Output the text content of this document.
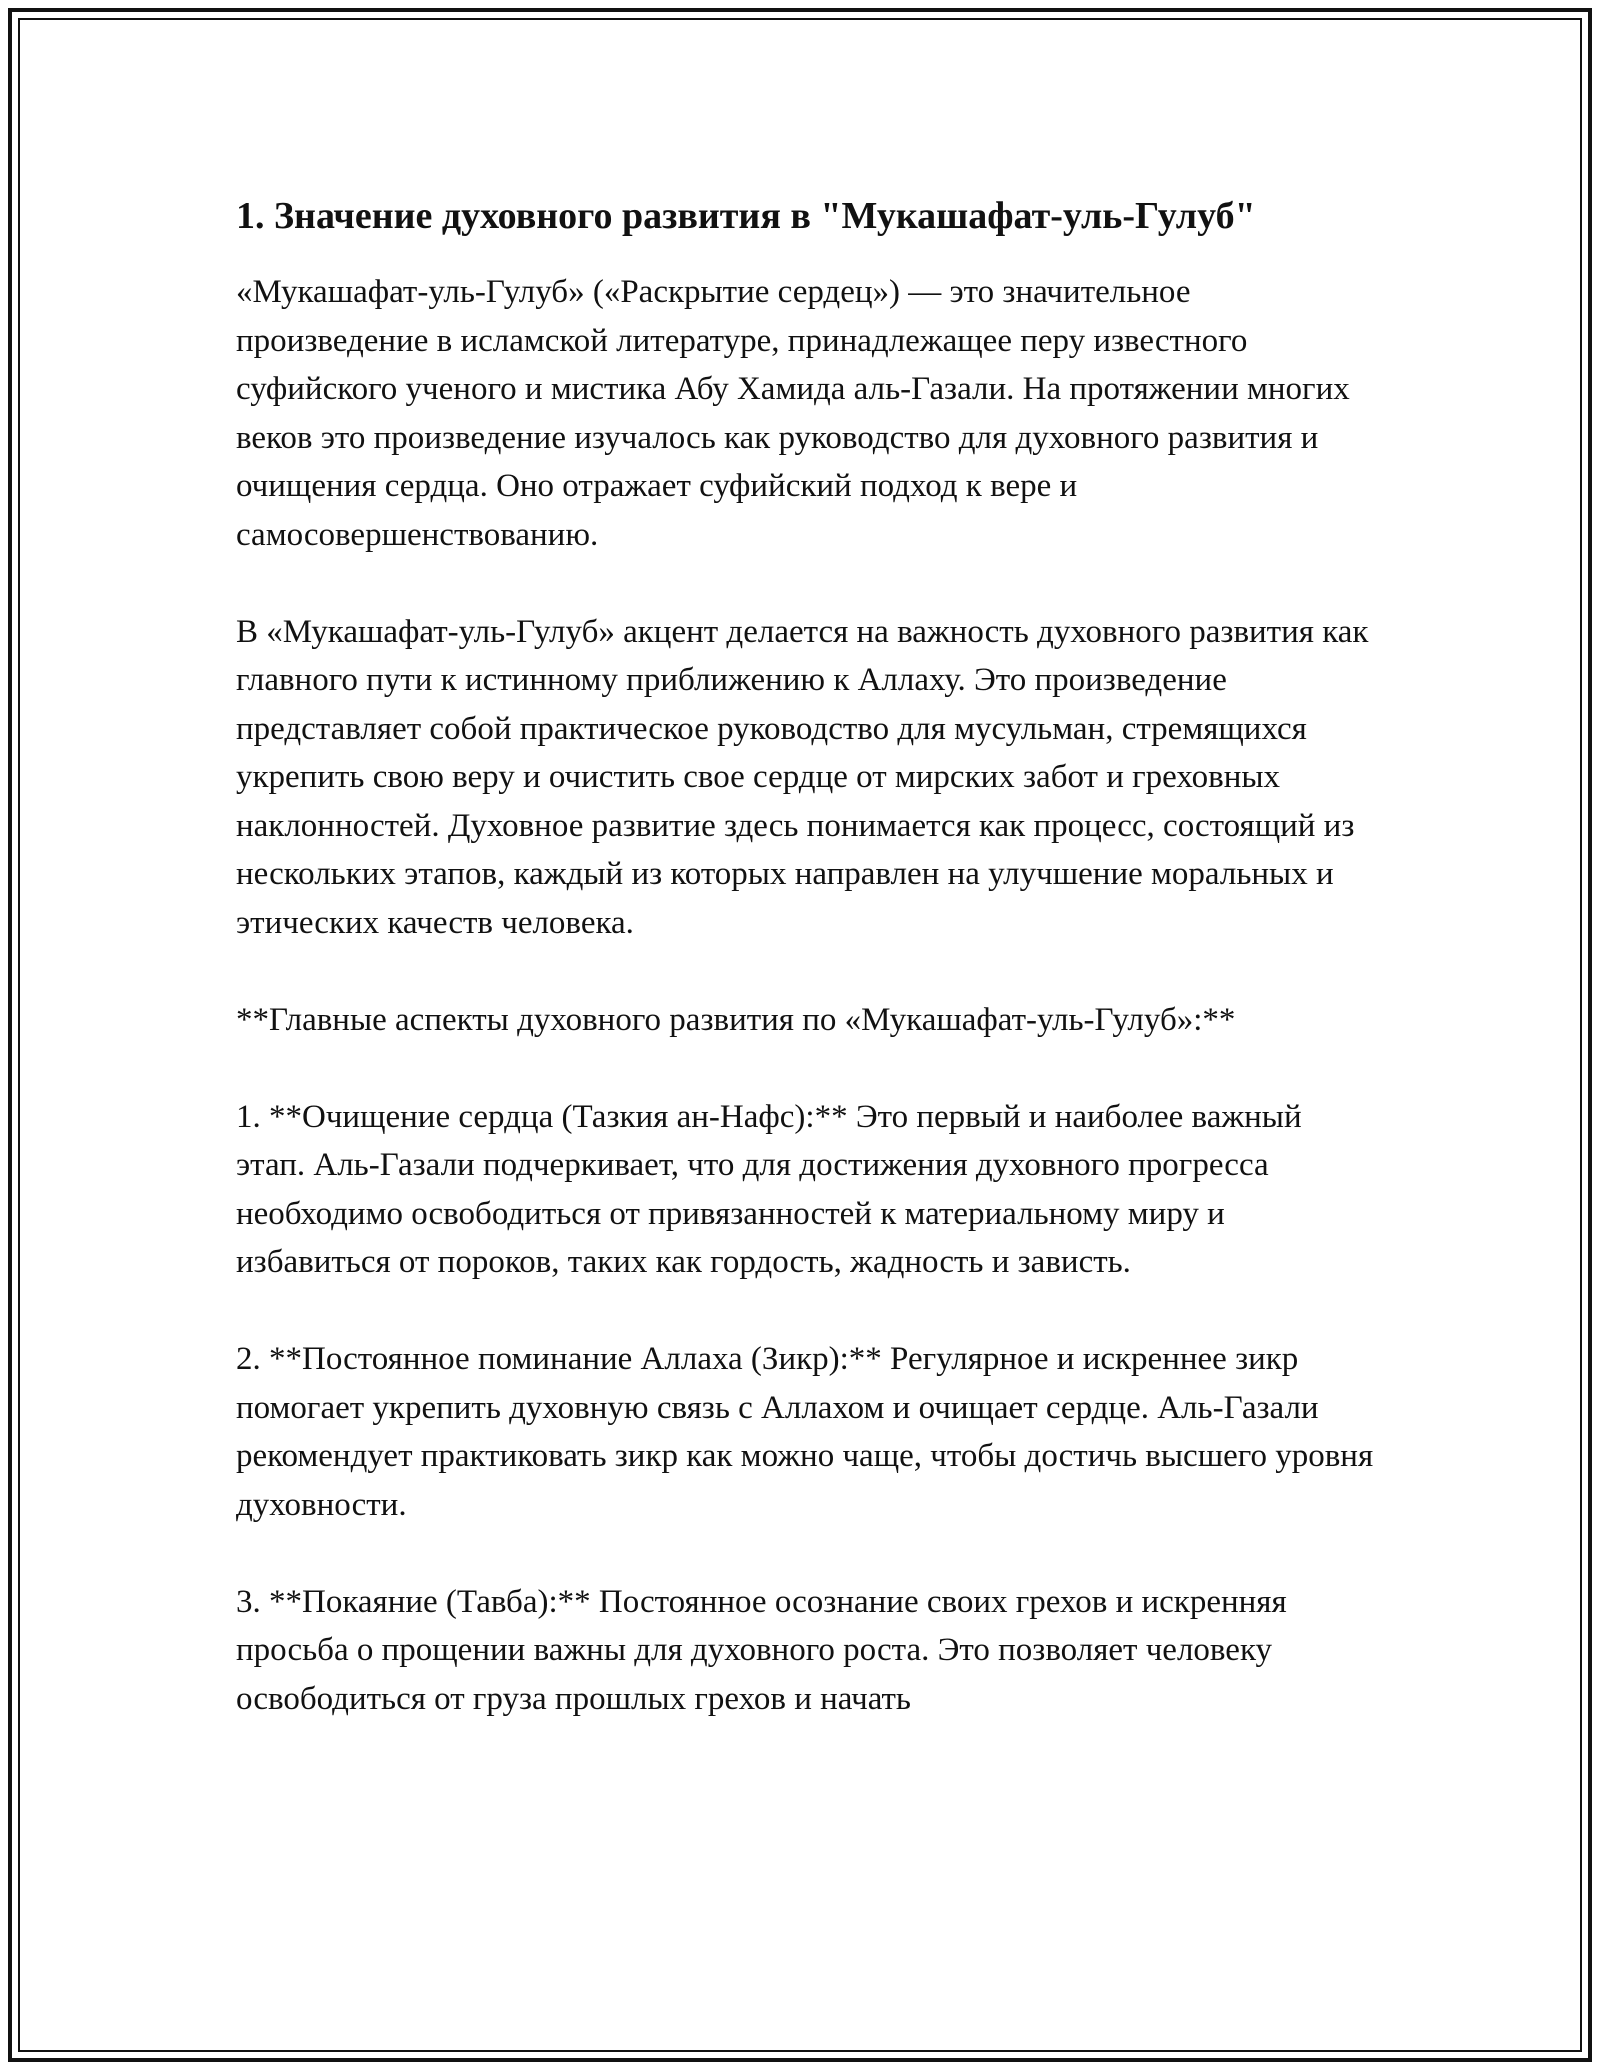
1. Значение духовного развития в "Мукашафат-уль-Гулуб"

«Мукашафат-уль-Гулуб» («Раскрытие сердец») — это значительное произведение в исламской литературе, принадлежащее перу известного суфийского ученого и мистика Абу Хамида аль-Газали. На протяжении многих веков это произведение изучалось как руководство для духовного развития и очищения сердца. Оно отражает суфийский подход к вере и самосовершенствованию.

В «Мукашафат-уль-Гулуб» акцент делается на важность духовного развития как главного пути к истинному приближению к Аллаху. Это произведение представляет собой практическое руководство для мусульман, стремящихся укрепить свою веру и очистить свое сердце от мирских забот и греховных наклонностей. Духовное развитие здесь понимается как процесс, состоящий из нескольких этапов, каждый из которых направлен на улучшение моральных и этических качеств человека.

**Главные аспекты духовного развития по «Мукашафат-уль-Гулуб»:**

1. **Очищение сердца (Тазкия ан-Нафс):** Это первый и наиболее важный этап. Аль-Газали подчеркивает, что для достижения духовного прогресса необходимо освободиться от привязанностей к материальному миру и избавиться от пороков, таких как гордость, жадность и зависть.

2. **Постоянное поминание Аллаха (Зикр):** Регулярное и искреннее зикр помогает укрепить духовную связь с Аллахом и очищает сердце. Аль-Газали рекомендует практиковать зикр как можно чаще, чтобы достичь высшего уровня духовности.

3. **Покаяние (Тавба):** Постоянное осознание своих грехов и искренняя просьба о прощении важны для духовного роста. Это позволяет человеку освободиться от груза прошлых грехов и начать
